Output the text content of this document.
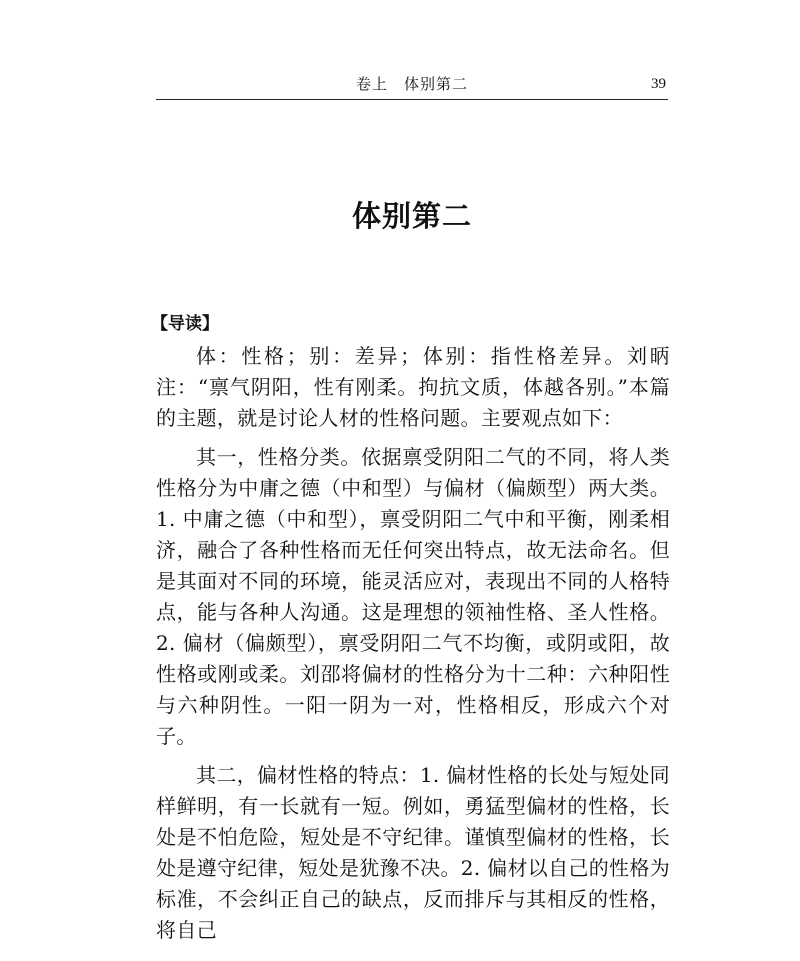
卷上　体别第二	39
体别第二
【导读】

体：性格；别：差异；体别：指性格差异。刘昞注：“禀气阴阳，性有刚柔。拘抗文质，体越各别。”本篇的主题，就是讨论人材的性格问题。主要观点如下：

其一，性格分类。依据禀受阴阳二气的不同，将人类性格分为中庸之德（中和型）与偏材（偏颇型）两大类。1. 中庸之德（中和型），禀受阴阳二气中和平衡，刚柔相济，融合了各种性格而无任何突出特点，故无法命名。但是其面对不同的环境，能灵活应对，表现出不同的人格特点，能与各种人沟通。这是理想的领袖性格、圣人性格。2. 偏材（偏颇型），禀受阴阳二气不均衡，或阴或阳，故性格或刚或柔。刘邵将偏材的性格分为十二种：六种阳性与六种阴性。一阳一阴为一对，性格相反，形成六个对子。

其二，偏材性格的特点：1. 偏材性格的长处与短处同样鲜明，有一长就有一短。例如，勇猛型偏材的性格，长处是不怕危险，短处是不守纪律。谨慎型偏材的性格，长处是遵守纪律，短处是犹豫不决。2. 偏材以自己的性格为标准，不会纠正自己的缺点，反而排斥与其相反的性格，将自己
